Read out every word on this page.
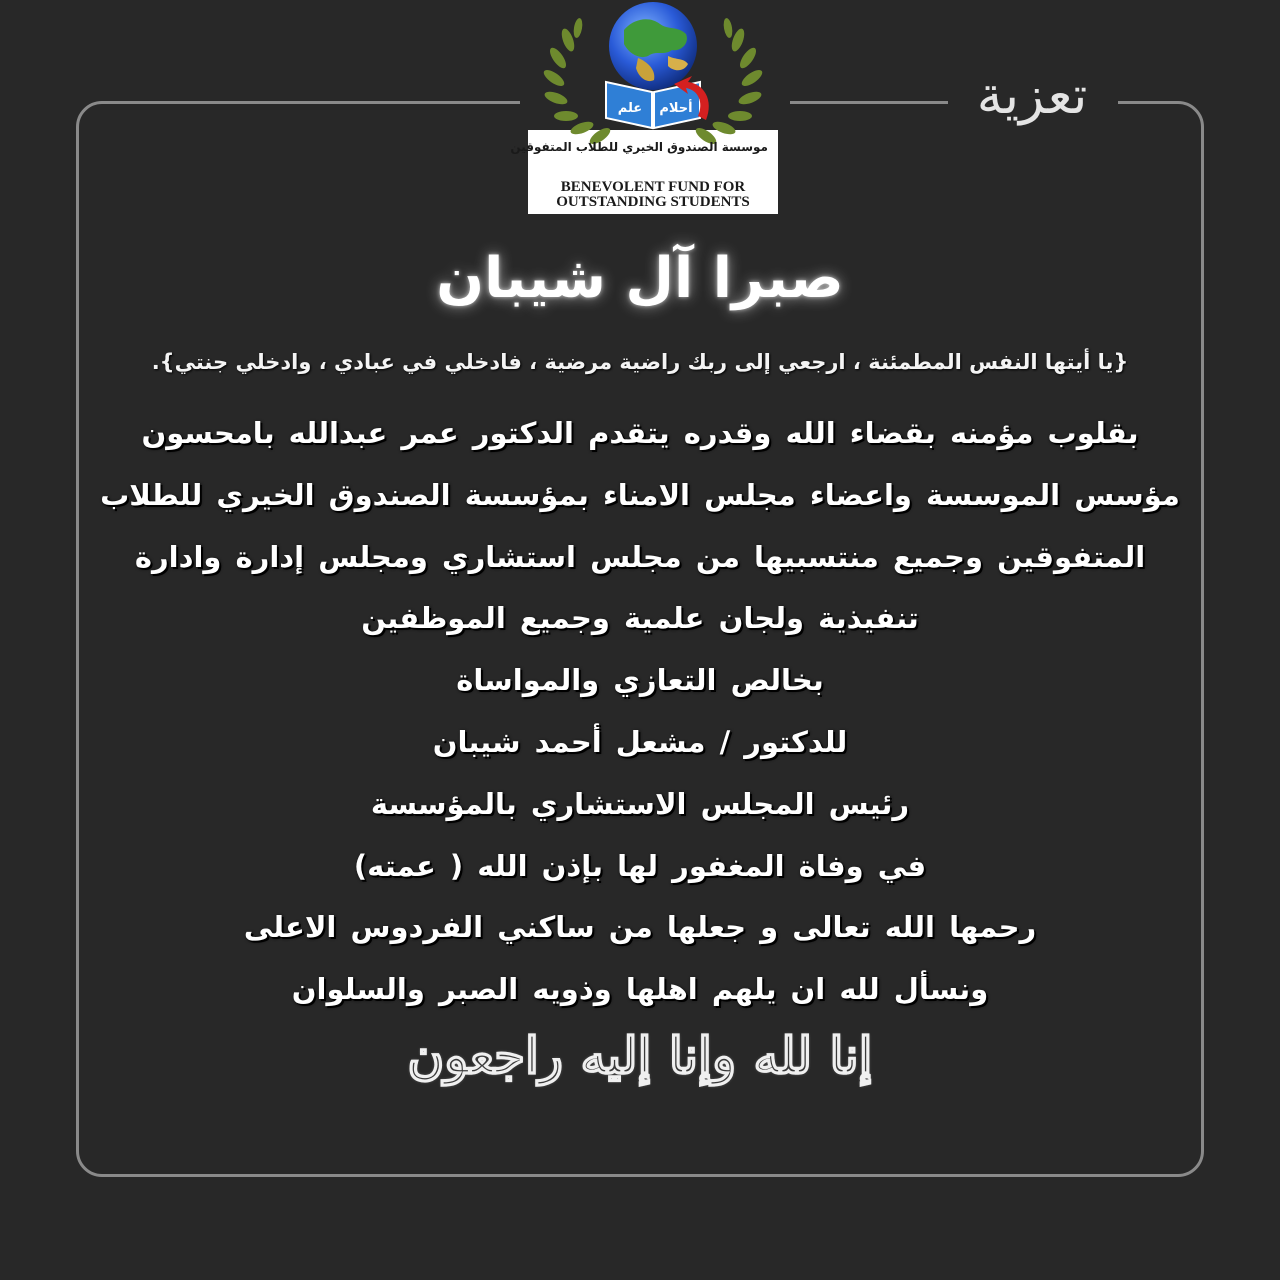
تعزية
علم أحلام
موسسة الصندوق الخيري للطلاب المتفوقين
BENEVOLENT FUND FOR
OUTSTANDING STUDENTS
صبرا آل شيبان
{يا أيتها النفس المطمئنة ، ارجعي إلى ربك راضية مرضية ، فادخلي في عبادي ، وادخلي جنتي}.
بقلوب مؤمنه بقضاء الله وقدره يتقدم الدكتور عمر عبدالله بامحسون
مؤسس الموسسة واعضاء مجلس الامناء بمؤسسة الصندوق الخيري للطلاب
المتفوقين وجميع منتسبيها من مجلس استشاري ومجلس إدارة وادارة
تنفيذية ولجان علمية وجميع الموظفين
بخالص التعازي والمواساة
للدكتور / مشعل أحمد شيبان
رئيس المجلس الاستشاري بالمؤسسة
في وفاة المغفور لها بإذن الله ( عمته)
رحمها الله تعالى و جعلها من ساكني الفردوس الاعلى
ونسأل لله ان يلهم اهلها وذويه الصبر والسلوان
إنا لله وإنا إليه راجعون
